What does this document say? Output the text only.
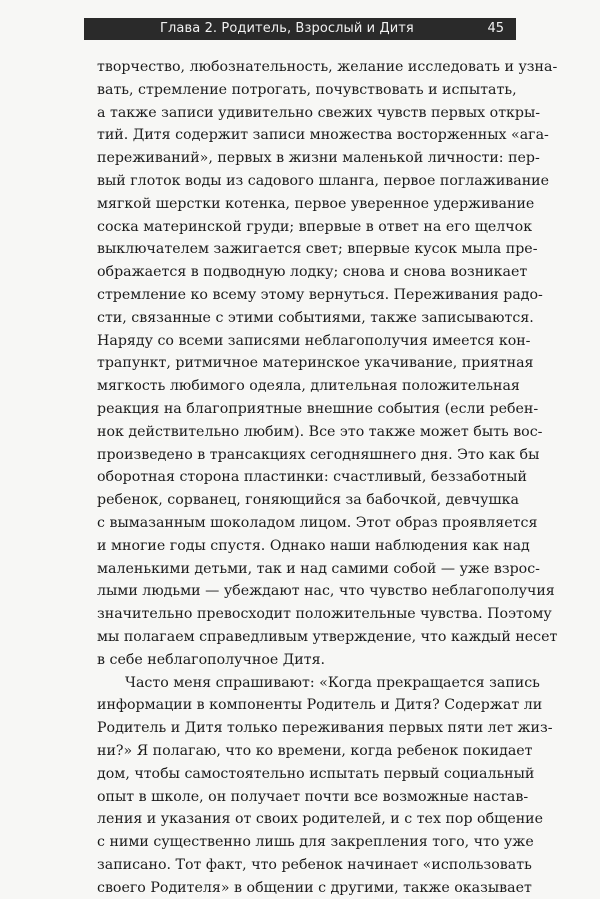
Глава 2. Родитель, Взрослый и Дитя	45
творчество, любознательность, желание исследовать и узна-
вать, стремление потрогать, почувствовать и испытать,
а также записи удивительно свежих чувств первых откры-
тий. Дитя содержит записи множества восторженных «ага-
переживаний», первых в жизни маленькой личности: пер-
вый глоток воды из садового шланга, первое поглаживание
мягкой шерстки котенка, первое уверенное удерживание
соска материнской груди; впервые в ответ на его щелчок
выключателем зажигается свет; впервые кусок мыла пре-
ображается в подводную лодку; снова и снова возникает
стремление ко всему этому вернуться. Переживания радо-
сти, связанные с этими событиями, также записываются.
Наряду со всеми записями неблагополучия имеется кон-
трапункт, ритмичное материнское укачивание, приятная
мягкость любимого одеяла, длительная положительная
реакция на благоприятные внешние события (если ребен-
нок действительно любим). Все это также может быть вос-
произведено в трансакциях сегодняшнего дня. Это как бы
оборотная сторона пластинки: счастливый, беззаботный
ребенок, сорванец, гоняющийся за бабочкой, девчушка
с вымазанным шоколадом лицом. Этот образ проявляется
и многие годы спустя. Однако наши наблюдения как над
маленькими детьми, так и над самими собой — уже взрос-
лыми людьми — убеждают нас, что чувство неблагополучия
значительно превосходит положительные чувства. Поэтому
мы полагаем справедливым утверждение, что каждый несет
в себе неблагополучное Дитя.
Часто меня спрашивают: «Когда прекращается запись
информации в компоненты Родитель и Дитя? Содержат ли
Родитель и Дитя только переживания первых пяти лет жиз-
ни?» Я полагаю, что ко времени, когда ребенок покидает
дом, чтобы самостоятельно испытать первый социальный
опыт в школе, он получает почти все возможные настав-
ления и указания от своих родителей, и с тех пор общение
с ними существенно лишь для закрепления того, что уже
записано. Тот факт, что ребенок начинает «использовать
своего Родителя» в общении с другими, также оказывает
